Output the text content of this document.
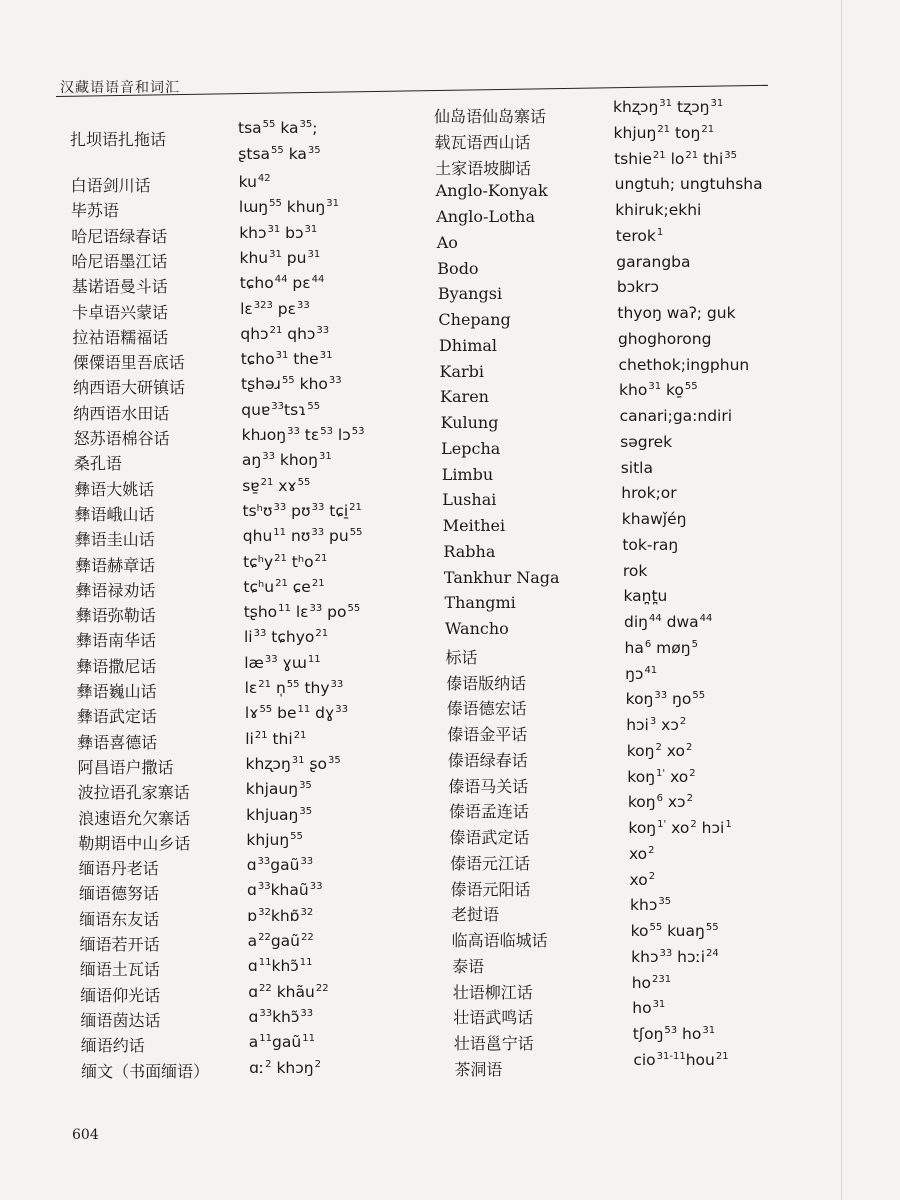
汉藏语语音和词汇
扎坝语扎拖话
白语剑川话
毕苏语
哈尼语绿春话
哈尼语墨江话
基诺语曼斗话
卡卓语兴蒙话
拉祜语糯福话
傈僳语里吾底话
纳西语大研镇话
纳西语水田话
怒苏语棉谷话
桑孔语
彝语大姚话
彝语峨山话
彝语圭山话
彝语赫章话
彝语禄劝话
彝语弥勒话
彝语南华话
彝语撒尼话
彝语巍山话
彝语武定话
彝语喜德话
阿昌语户撒话
波拉语孔家寨话
浪速语允欠寨话
勒期语中山乡话
缅语丹老话
缅语德努话
缅语东友话
缅语若开话
缅语土瓦话
缅语仰光话
缅语茵达话
缅语约话
缅文（书面缅语）
tsa$^{55}$ $ka^{35}$;
ʂtsa$^{55}$ $ka^{35}$
$ku^{42}$
lɯŋ$^{55}$ khuŋ$^{31}$
khɔ$^{31}$ bɔ$^{31}$
khu$^{31}$ $pu^{31}$
tɕho$^{44}$ pɛ$^{44}$
lɛ$^{323}$ pɛ$^{33}$
qhɔ$^{21}$ qhɔ$^{33}$
tɕho$^{31}$ the$^{31}$
tʂhəɹ$^{55}$ kho$^{33}$
quɐ$^{33}$tsɿ$^{55}$
khɹoŋ$^{33}$ tɛ$^{53}$ lɔ$^{53}$
$aŋ^{33}$ khoŋ$^{31}$
sɐ̱$^{21}$ xɤ$^{55}$
tsʰʊ$^{33}$ pʊ$^{33}$ tɕi̱$^{21}$
qhu$^{11}$ nʊ$^{33}$ $pu^{55}$
tɕʰy$^{21}$ tʰo$^{21}$
tɕʰu$^{21}$ ɕe$^{21}$
tʂho$^{11}$ lɛ$^{33}$ $po^{55}$
$li^{33}$ tɕhyo$^{21}$
$læ^{33}$ ɣɯ$^{11}$
lɛ$^{21}$ n̩$^{55}$ thy$^{33}$
lɤ$^{55}$ $be^{11}$ dɣ$^{33}$
$li^{21}$ thi$^{21}$
khʐɔŋ$^{31}$ ʂo$^{35}$
khjauŋ$^{35}$
khjuaŋ$^{35}$
khjuŋ$^{55}$
ɑ$^{33}$gaũ$^{33}$
ɑ$^{33}$khaũ$^{33}$
ɒ$^{32}$khɒ̃$^{32}$
$a^{22}gaũ^{22}$
ɑ$^{11}$khɔ̃$^{11}$
ɑ$^{22}$ khãu$^{22}$
ɑ$^{33}$khɔ̃$^{33}$
$a^{11}gaũ^{11}$
ɑː$^2$ khɔŋ$^2$
仙岛语仙岛寨话
载瓦语西山话
土家语坡脚话
Anglo-Konyak
Anglo-Lotha
Ao
Bodo
Byangsi
Chepang
Dhimal
Karbi
Karen
Kulung
Lepcha
Limbu
Lushai
Meithei
Rabha
Tankhur Naga
Thangmi
Wancho
标话
傣语版纳话
傣语德宏话
傣语金平话
傣语绿春话
傣语马关话
傣语孟连话
傣语武定话
傣语元江话
傣语元阳话
老挝语
临高语临城话
泰语
壮语柳江话
壮语武鸣话
壮语邕宁话
茶洞语
khʐɔŋ$^{31}$ tʐɔŋ$^{31}$
khjuŋ$^{21}$ toŋ$^{21}$
tshie$^{21}$ $lo^{21}$ thi$^{35}$
ungtuh; ungtuhsha
khiruk;ekhi
terok$^1$
garangba
bɔkrɔ
thyoŋ waʔ; guk
ghoghorong
chethok;ingphun
kho$^{31}$ ko̱$^{55}$
canari;ga:ndiri
səgrek
sitla
hrok;or
khawǰéŋ
tok-raŋ
rok
kan̪t̪u
diŋ$^{44}$ dwa$^{44}$
$ha^6$ møŋ$^5$
ŋɔ$^{41}$
koŋ$^{33}$ $ŋo^{55}$
hɔi$^3$ xɔ$^2$
koŋ$^2$ $xo^2$
koŋ$^{1'}$ $xo^2$
koŋ$^6$ xɔ$^2$
koŋ$^{1'}$ $xo^2$ hɔi$^1$
$xo^2$
$xo^2$
khɔ$^{35}$
$ko^{55}$ kuaŋ$^{55}$
khɔ$^{33}$ hɔːi$^{24}$
$ho^{231}$
$ho^{31}$
tʃoŋ$^{53}$ $ho^{31}$
cio$^{31-11}$hou$^{21}$
604
